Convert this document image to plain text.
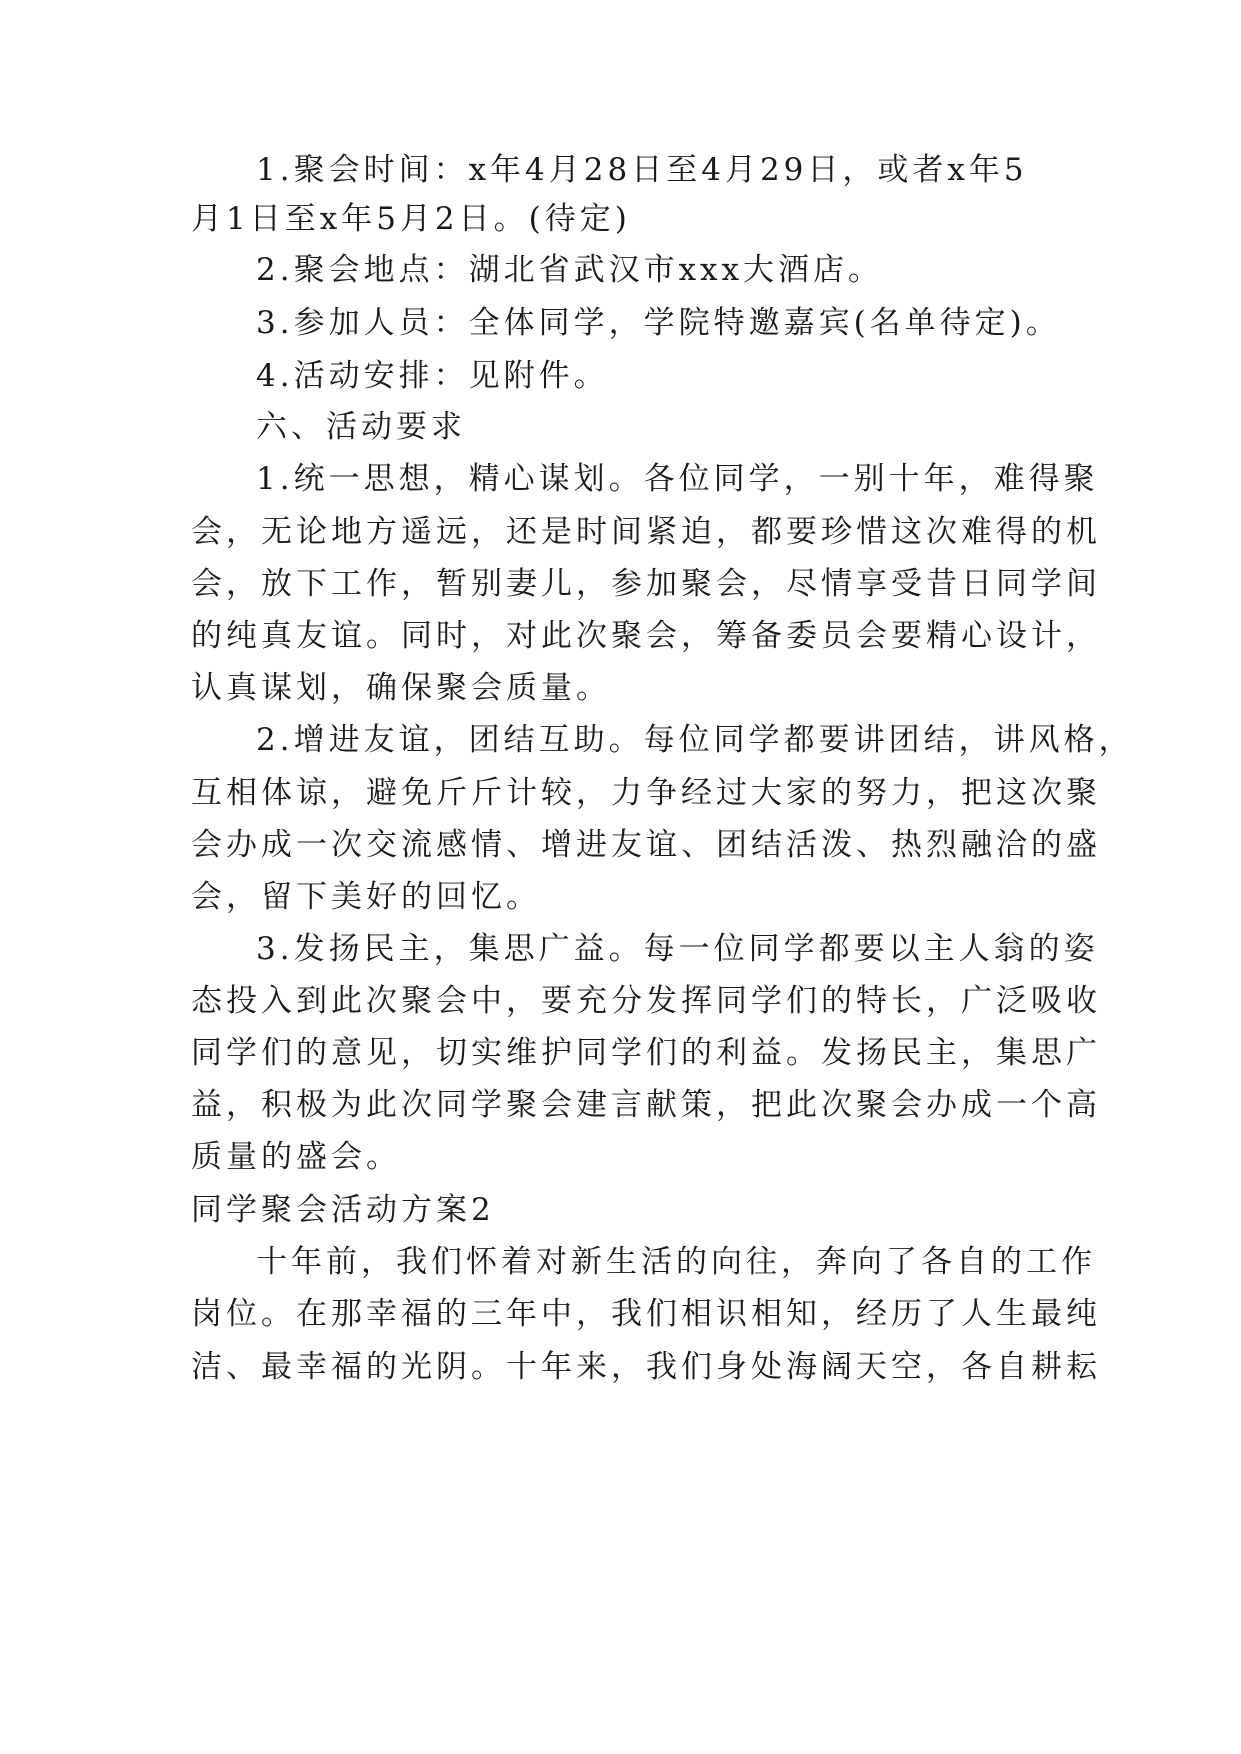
1.聚会时间：x年4月28日至4月29日，或者x年5
月1日至x年5月2日。(待定)
2.聚会地点：湖北省武汉市xxx大酒店。
3.参加人员：全体同学，学院特邀嘉宾(名单待定)。
4.活动安排：见附件。
六、活动要求
1.统一思想，精心谋划。各位同学，一别十年，难得聚
会，无论地方遥远，还是时间紧迫，都要珍惜这次难得的机
会，放下工作，暂别妻儿，参加聚会，尽情享受昔日同学间
的纯真友谊。同时，对此次聚会，筹备委员会要精心设计，
认真谋划，确保聚会质量。
2.增进友谊，团结互助。每位同学都要讲团结，讲风格，
互相体谅，避免斤斤计较，力争经过大家的努力，把这次聚
会办成一次交流感情、增进友谊、团结活泼、热烈融洽的盛
会，留下美好的回忆。
3.发扬民主，集思广益。每一位同学都要以主人翁的姿
态投入到此次聚会中，要充分发挥同学们的特长，广泛吸收
同学们的意见，切实维护同学们的利益。发扬民主，集思广
益，积极为此次同学聚会建言献策，把此次聚会办成一个高
质量的盛会。
同学聚会活动方案2
十年前，我们怀着对新生活的向往，奔向了各自的工作
岗位。在那幸福的三年中，我们相识相知，经历了人生最纯
洁、最幸福的光阴。十年来，我们身处海阔天空，各自耕耘
